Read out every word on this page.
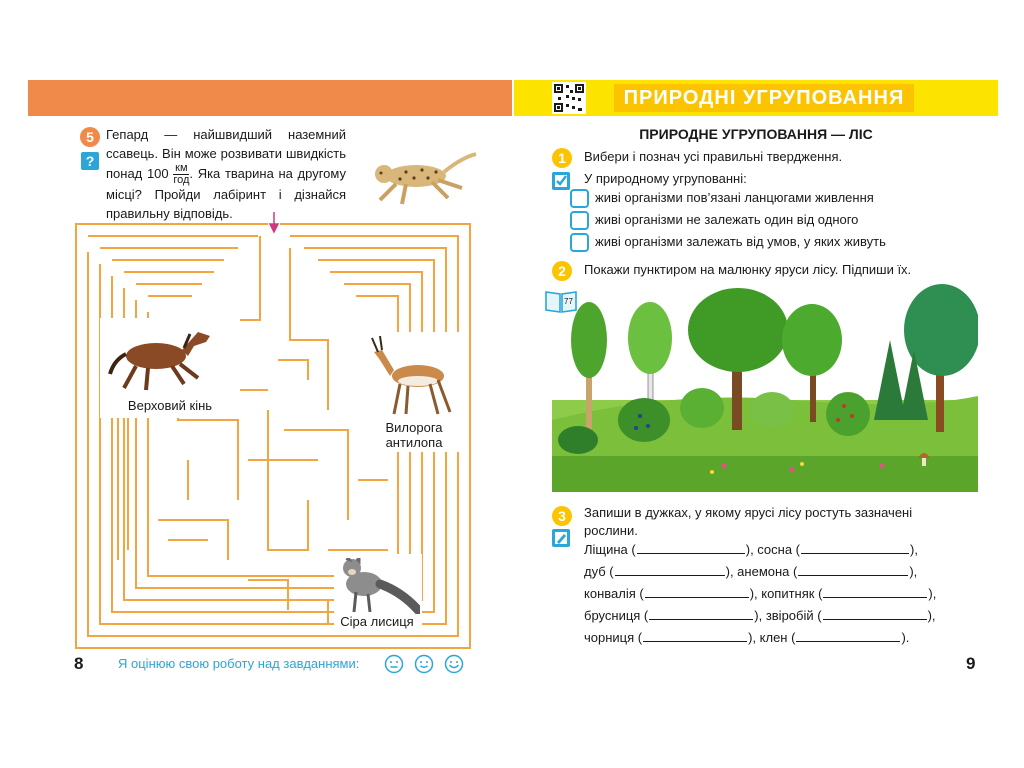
5
?

Гепард — найшвидший наземний ссавець. Він може розвивати швидкість понад $100 \frac{км}{\text{год}}$ . Яка тварина на другому місці? Пройди лабіринт і дізнайся правильну відповідь.

Верховий кінь
Вилорога антилопа
Сіра лисиця
8	Я оцінюю свою роботу над завданнями:
ПРИРОДНІ УГРУПОВАННЯ
ПРИРОДНЕ УГРУПОВАННЯ — ЛІС
1	Вибери і познач усі правильні твердження.
У природному угрупованні:
живі організми пов’язані ланцюгами живлення
живі організми не залежать один від одного
живі організми залежать від умов, у яких живуть
2	Покажи пунктиром на малюнку яруси лісу. Підпиши їх.
77
3	Запиши в дужках, у якому ярусі лісу ростуть зазначені
рослини.
Ліщина (	), сосна (	),
дуб (	), анемона (	),
конвалія (	), копитняк (	),
брусниця (	), звіробій (	),
чорниця (	), клен (	).
9
